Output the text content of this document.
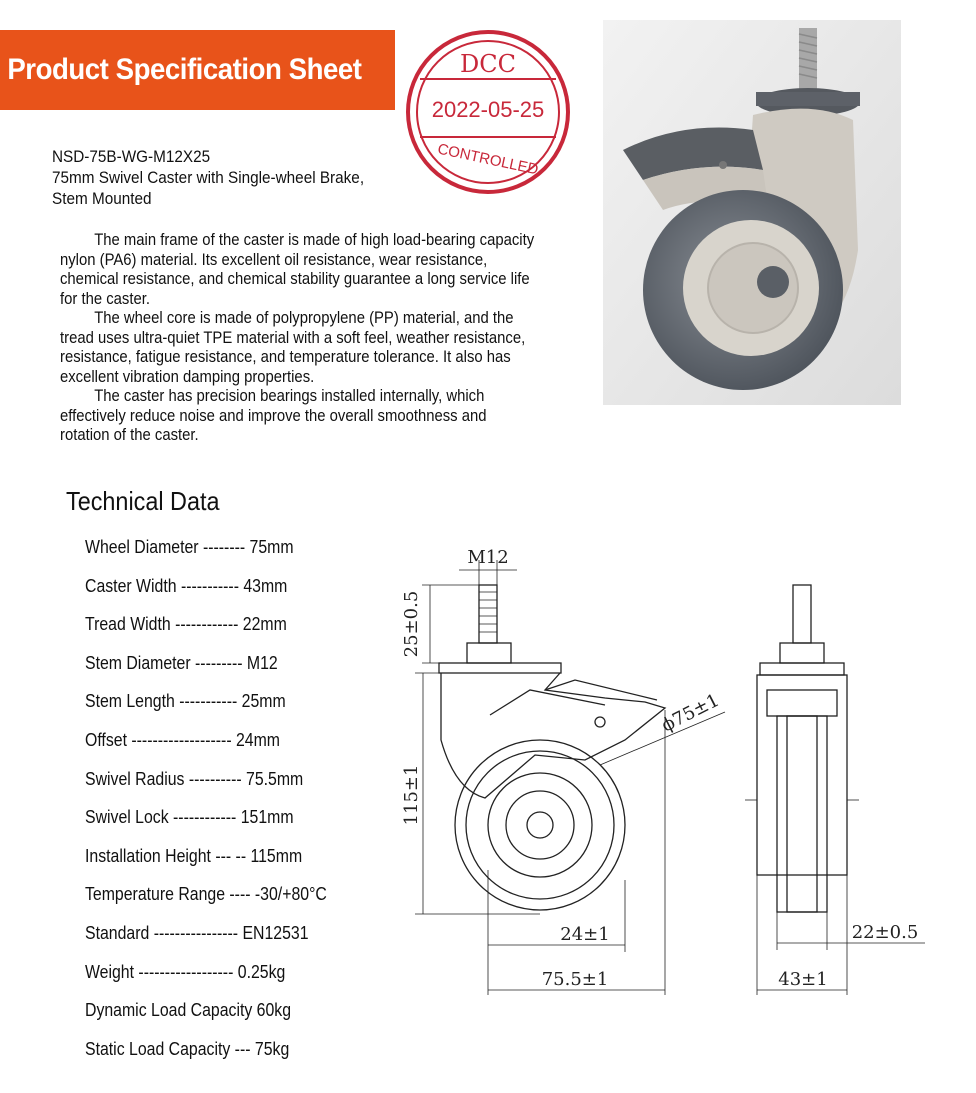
Product Specification Sheet	DCC
2022-05-25
CONTROLLED
NSD-75B-WG-M12X25
75mm Swivel Caster with Single-wheel Brake,
Stem Mounted

The main frame of the caster is made of high load-bearing capacity

nylon (PA6) material. Its excellent oil resistance, wear resistance,

chemical resistance, and chemical stability guarantee a long service life

for the caster.

The wheel core is made of polypropylene (PP) material, and the

tread uses ultra-quiet TPE material with a soft feel, weather resistance,

resistance, fatigue resistance, and temperature tolerance. It also has

excellent vibration damping properties.

The caster has precision bearings installed internally, which

effectively reduce noise and improve the overall smoothness and

rotation of the caster.

Technical Data
Wheel Diameter -------- 75mm
Caster Width ----------- 43mm
Tread Width ------------ 22mm
Stem Diameter --------- M12
Stem Length ----------- 25mm
Offset ------------------- 24mm
Swivel Radius ---------- 75.5mm
Swivel Lock ------------ 151mm
Installation Height --- -- 115mm
Temperature Range ---- -30/+80°C
Standard ---------------- EN12531
Weight ------------------ 0.25kg
Dynamic Load Capacity 60kg
Static Load Capacity --- 75kg
M12
25±0.5
115±1
ϕ75±1
24±1
75.5±1
22±0.5
43±1
